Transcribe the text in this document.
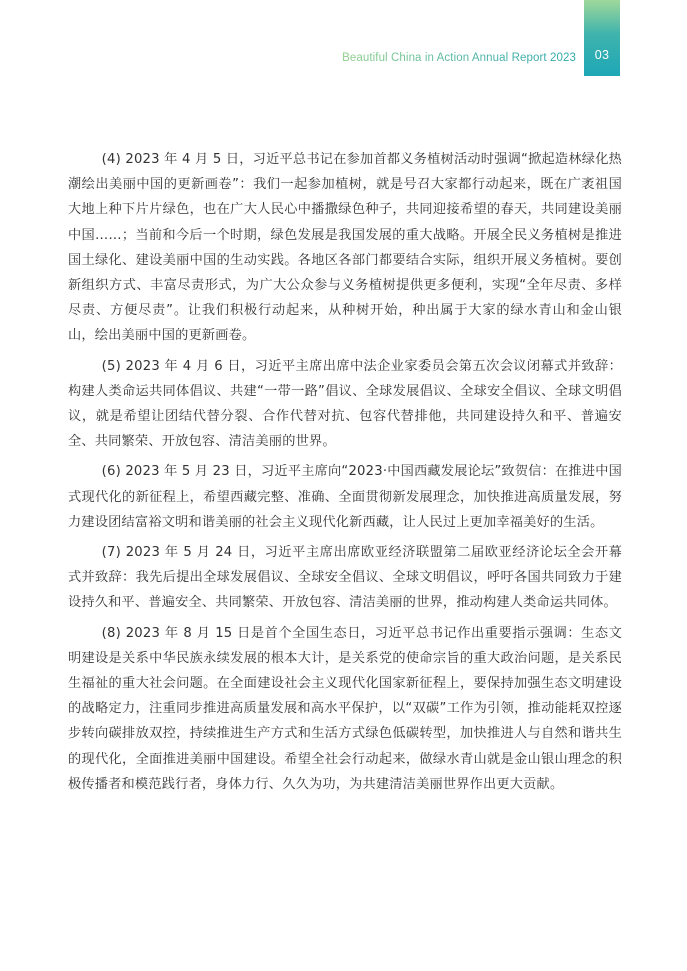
Beautiful China in Action Annual Report 2023	03

(4) 2023 年 4 月 5 日，习近平总书记在参加首都义务植树活动时强调“掀起造林绿化热潮绘出美丽中国的更新画卷”：我们一起参加植树，就是号召大家都行动起来，既在广袤祖国大地上种下片片绿色，也在广大人民心中播撒绿色种子，共同迎接希望的春天，共同建设美丽中国……；当前和今后一个时期，绿色发展是我国发展的重大战略。开展全民义务植树是推进国土绿化、建设美丽中国的生动实践。各地区各部门都要结合实际，组织开展义务植树。要创新组织方式、丰富尽责形式，为广大公众参与义务植树提供更多便利，实现“全年尽责、多样尽责、方便尽责”。让我们积极行动起来，从种树开始，种出属于大家的绿水青山和金山银山，绘出美丽中国的更新画卷。

(5) 2023 年 4 月 6 日，习近平主席出席中法企业家委员会第五次会议闭幕式并致辞：构建人类命运共同体倡议、共建“一带一路”倡议、全球发展倡议、全球安全倡议、全球文明倡议，就是希望让团结代替分裂、合作代替对抗、包容代替排他，共同建设持久和平、普遍安全、共同繁荣、开放包容、清洁美丽的世界。

(6) 2023 年 5 月 23 日，习近平主席向“2023·中国西藏发展论坛”致贺信：在推进中国式现代化的新征程上，希望西藏完整、准确、全面贯彻新发展理念，加快推进高质量发展，努力建设团结富裕文明和谐美丽的社会主义现代化新西藏，让人民过上更加幸福美好的生活。

(7) 2023 年 5 月 24 日，习近平主席出席欧亚经济联盟第二届欧亚经济论坛全会开幕式并致辞：我先后提出全球发展倡议、全球安全倡议、全球文明倡议，呼吁各国共同致力于建设持久和平、普遍安全、共同繁荣、开放包容、清洁美丽的世界，推动构建人类命运共同体。

(8) 2023 年 8 月 15 日是首个全国生态日，习近平总书记作出重要指示强调：生态文明建设是关系中华民族永续发展的根本大计，是关系党的使命宗旨的重大政治问题，是关系民生福祉的重大社会问题。在全面建设社会主义现代化国家新征程上，要保持加强生态文明建设的战略定力，注重同步推进高质量发展和高水平保护，以“双碳”工作为引领，推动能耗双控逐步转向碳排放双控，持续推进生产方式和生活方式绿色低碳转型，加快推进人与自然和谐共生的现代化，全面推进美丽中国建设。希望全社会行动起来，做绿水青山就是金山银山理念的积极传播者和模范践行者，身体力行、久久为功，为共建清洁美丽世界作出更大贡献。
